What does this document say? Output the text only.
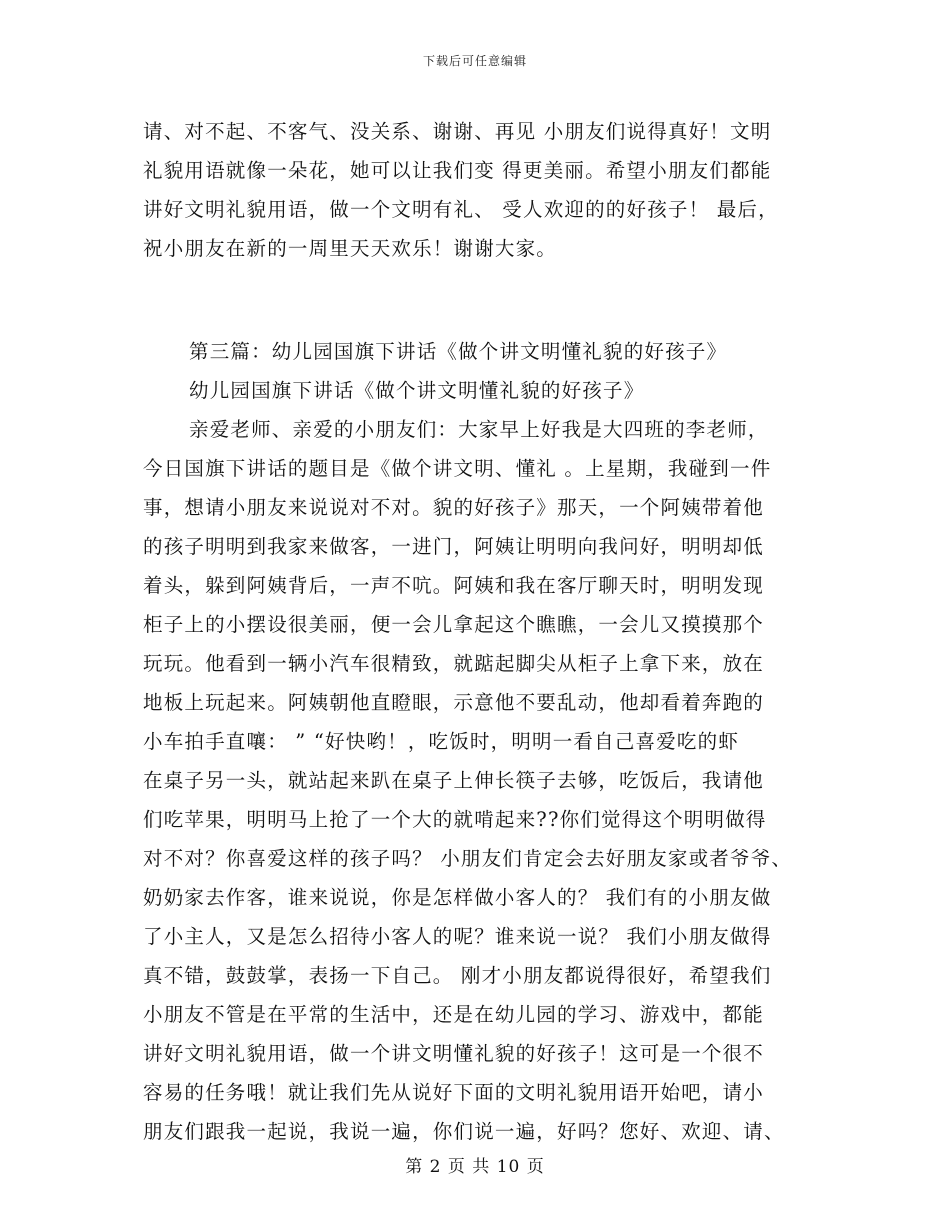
下载后可任意编辑
请、对不起、不客气、没关系、谢谢、再见 小朋友们说得真好！文明
礼貌用语就像一朵花，她可以让我们变 得更美丽。希望小朋友们都能
讲好文明礼貌用语，做一个文明有礼、 受人欢迎的的好孩子！ 最后，
祝小朋友在新的一周里天天欢乐！谢谢大家。
第三篇：幼儿园国旗下讲话《做个讲文明懂礼貌的好孩子》
幼儿园国旗下讲话《做个讲文明懂礼貌的好孩子》
亲爱老师、亲爱的小朋友们：大家早上好我是大四班的李老师，
今日国旗下讲话的题目是《做个讲文明、懂礼 。上星期，我碰到一件
事，想请小朋友来说说对不对。貌的好孩子》那天，一个阿姨带着他
的孩子明明到我家来做客，一进门，阿姨让明明向我问好，明明却低
着头，躲到阿姨背后，一声不吭。阿姨和我在客厅聊天时，明明发现
柜子上的小摆设很美丽，便一会儿拿起这个瞧瞧，一会儿又摸摸那个
玩玩。他看到一辆小汽车很精致，就踮起脚尖从柜子上拿下来，放在
地板上玩起来。阿姨朝他直瞪眼，示意他不要乱动，他却看着奔跑的
小车拍手直嚷： ” “好快哟！，吃饭时，明明一看自己喜爱吃的虾
在桌子另一头，就站起来趴在桌子上伸长筷子去够，吃饭后，我请他
们吃苹果，明明马上抢了一个大的就啃起来??你们觉得这个明明做得
对不对？你喜爱这样的孩子吗？ 小朋友们肯定会去好朋友家或者爷爷、
奶奶家去作客，谁来说说，你是怎样做小客人的？ 我们有的小朋友做
了小主人，又是怎么招待小客人的呢？谁来说一说？ 我们小朋友做得
真不错，鼓鼓掌，表扬一下自己。 刚才小朋友都说得很好，希望我们
小朋友不管是在平常的生活中，还是在幼儿园的学习、游戏中，都能
讲好文明礼貌用语，做一个讲文明懂礼貌的好孩子！这可是一个很不
容易的任务哦！就让我们先从说好下面的文明礼貌用语开始吧，请小
朋友们跟我一起说，我说一遍，你们说一遍，好吗？您好、欢迎、请、
第 2 页 共 10 页
